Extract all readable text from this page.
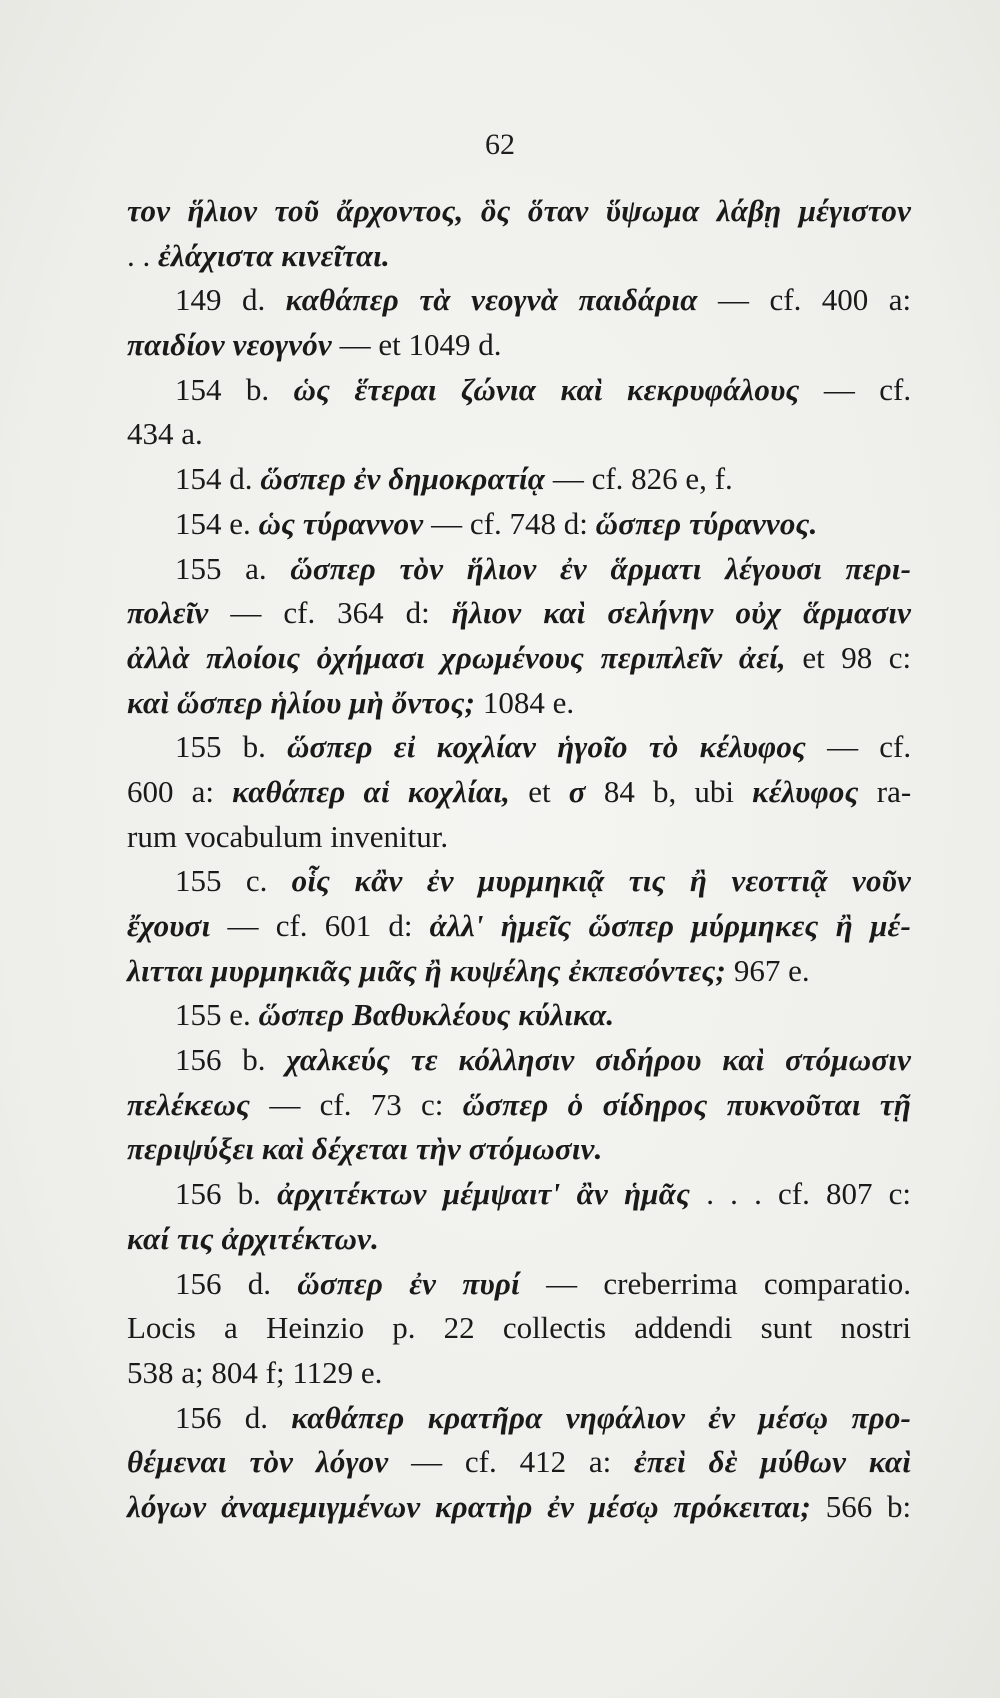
62
τον ἥλιον τοῦ ἄρχοντος, ὃς ὅταν ὕψωμα λάβῃ μέγιστον
. . ἐλάχιστα κινεῖται.
149 d. καθάπερ τὰ νεογνὰ παιδάρια — cf. 400 a:
παιδίον νεογνόν — et 1049 d.
154 b. ὡς ἕτεραι ζώνια καὶ κεκρυφάλους — cf.
434 a.
154 d. ὥσπερ ἐν δημοκρατίᾳ — cf. 826 e, f.
154 e. ὡς τύραννον — cf. 748 d: ὥσπερ τύραννος.
155 a. ὥσπερ τὸν ἥλιον ἐν ἅρματι λέγουσι περι-
πολεῖν — cf. 364 d: ἥλιον καὶ σελήνην οὐχ ἅρμασιν
ἀλλὰ πλοίοις ὀχήμασι χρωμένους περιπλεῖν ἀεί, et 98 c:
καὶ ὥσπερ ἡλίου μὴ ὄντος; 1084 e.
155 b. ὥσπερ εἰ κοχλίαν ἡγοῖο τὸ κέλυφος — cf.
600 a: καθάπερ αἱ κοχλίαι, et σ 84 b, ubi κέλυφος ra-
rum vocabulum invenitur.
155 c. οἷς κἂν ἐν μυρμηκιᾷ τις ἢ νεοττιᾷ νοῦν
ἔχουσι — cf. 601 d: ἀλλ' ἡμεῖς ὥσπερ μύρμηκες ἢ μέ-
λιτται μυρμηκιᾶς μιᾶς ἢ κυψέλης ἐκπεσόντες; 967 e.
155 e. ὥσπερ Βαθυκλέους κύλικα.
156 b. χαλκεύς τε κόλλησιν σιδήρου καὶ στόμωσιν
πελέκεως — cf. 73 c: ὥσπερ ὁ σίδηρος πυκνοῦται τῇ
περιψύξει καὶ δέχεται τὴν στόμωσιν.
156 b. ἀρχιτέκτων μέμψαιτ' ἂν ἡμᾶς . . . cf. 807 c:
καί τις ἀρχιτέκτων.
156 d. ὥσπερ ἐν πυρί — creberrima comparatio.
Locis a Heinzio p. 22 collectis addendi sunt nostri
538 a; 804 f; 1129 e.
156 d. καθάπερ κρατῆρα νηφάλιον ἐν μέσῳ προ-
θέμεναι τὸν λόγον — cf. 412 a: ἐπεὶ δὲ μύθων καὶ
λόγων ἀναμεμιγμένων κρατὴρ ἐν μέσῳ πρόκειται; 566 b:
